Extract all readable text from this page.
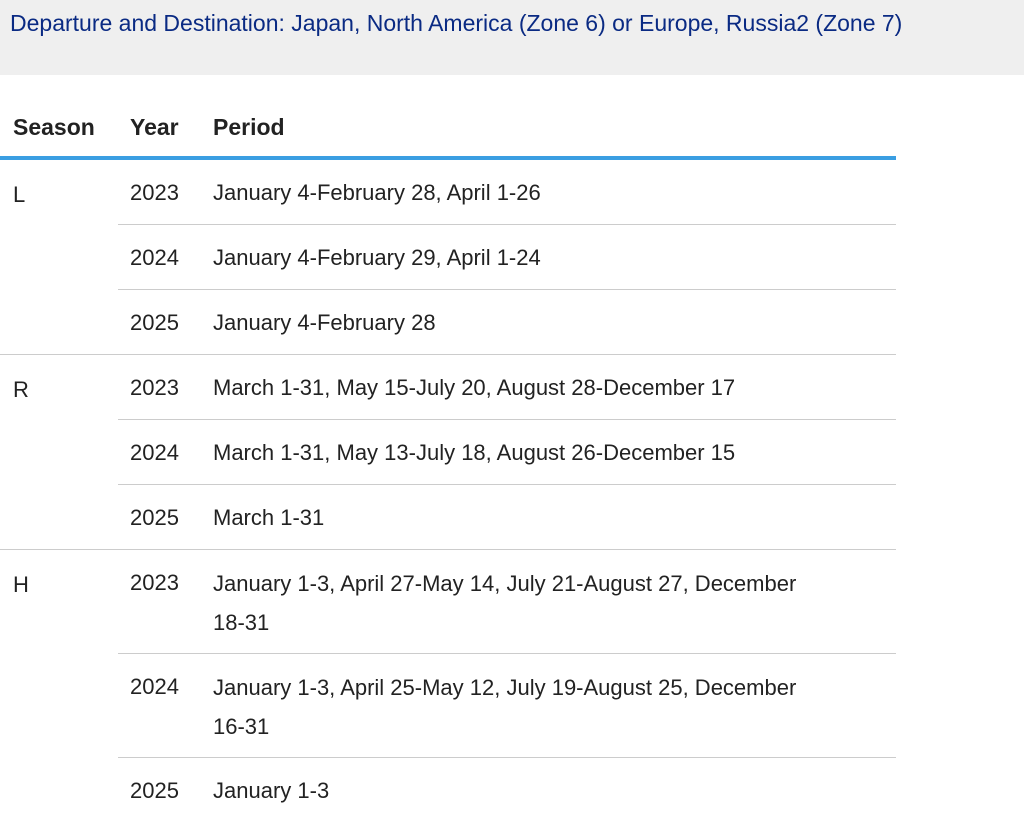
Departure and Destination: Japan, North America (Zone 6) or Europe, Russia2 (Zone 7)
Season Year Period
L	2023 January 4-February 28, April 1-26
2024 January 4-February 29, April 1-24
2025 January 4-February 28
R	2023 March 1-31, May 15-July 20, August 28-December 17
2024 March 1-31, May 13-July 18, August 26-December 15
2025 March 1-31
H	2023 January 1-3, April 27-May 14, July 21-August 27, December 18-31
2024 January 1-3, April 25-May 12, July 19-August 25, December 16-31
2025 January 1-3
